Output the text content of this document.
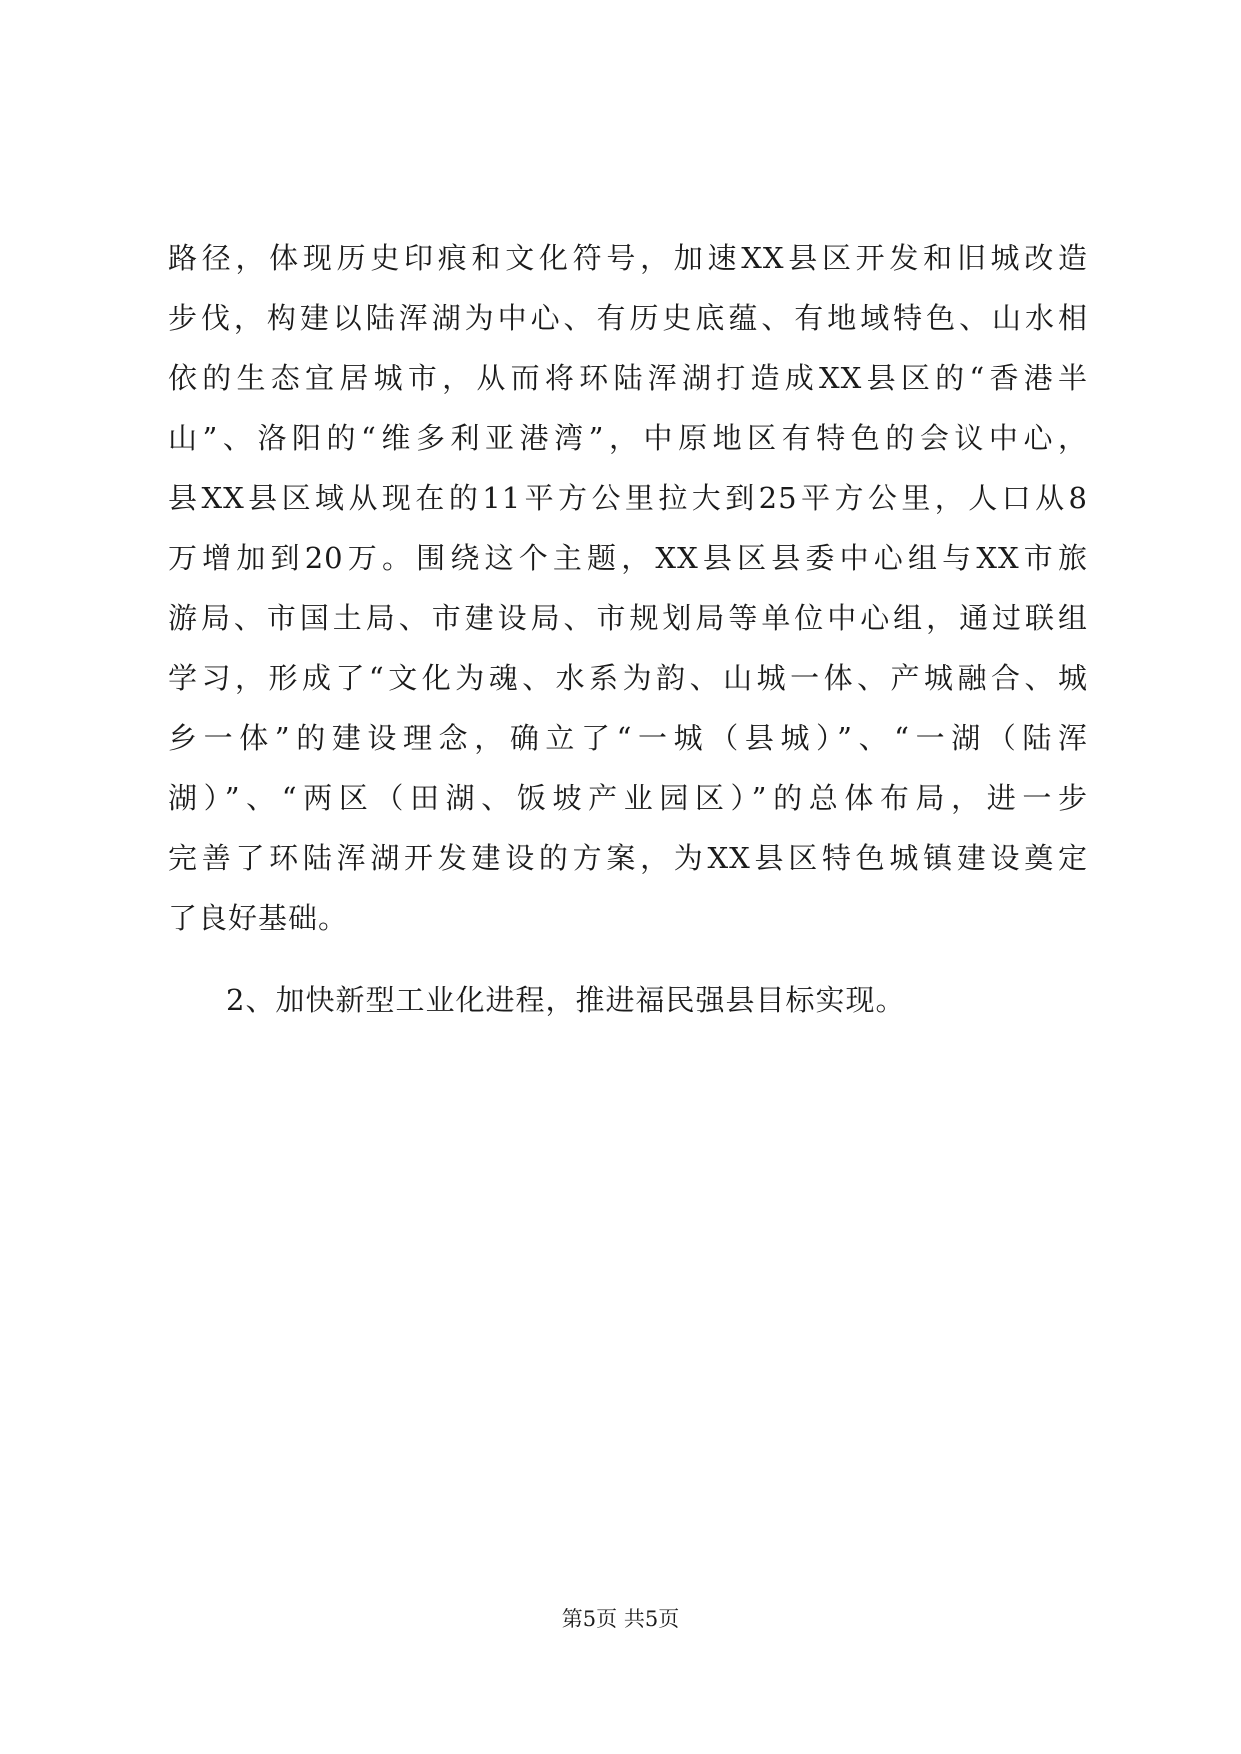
路径，体现历史印痕和文化符号，加速XX县区开发和旧城改造
步伐，构建以陆浑湖为中心、有历史底蕴、有地域特色、山水相
依的生态宜居城市，从而将环陆浑湖打造成XX县区的“香港半
山”、洛阳的“维多利亚港湾”，中原地区有特色的会议中心，
县XX县区域从现在的11平方公里拉大到25平方公里，人口从8
万增加到20万。围绕这个主题，XX县区县委中心组与XX市旅
游局、市国土局、市建设局、市规划局等单位中心组，通过联组
学习，形成了“文化为魂、水系为韵、山城一体、产城融合、城
乡一体”的建设理念，确立了“一城（县城）”、“一湖（陆浑
湖）”、“两区（田湖、饭坡产业园区）”的总体布局，进一步
完善了环陆浑湖开发建设的方案，为XX县区特色城镇建设奠定
了良好基础。
2、加快新型工业化进程，推进福民强县目标实现。
第5页 共5页
